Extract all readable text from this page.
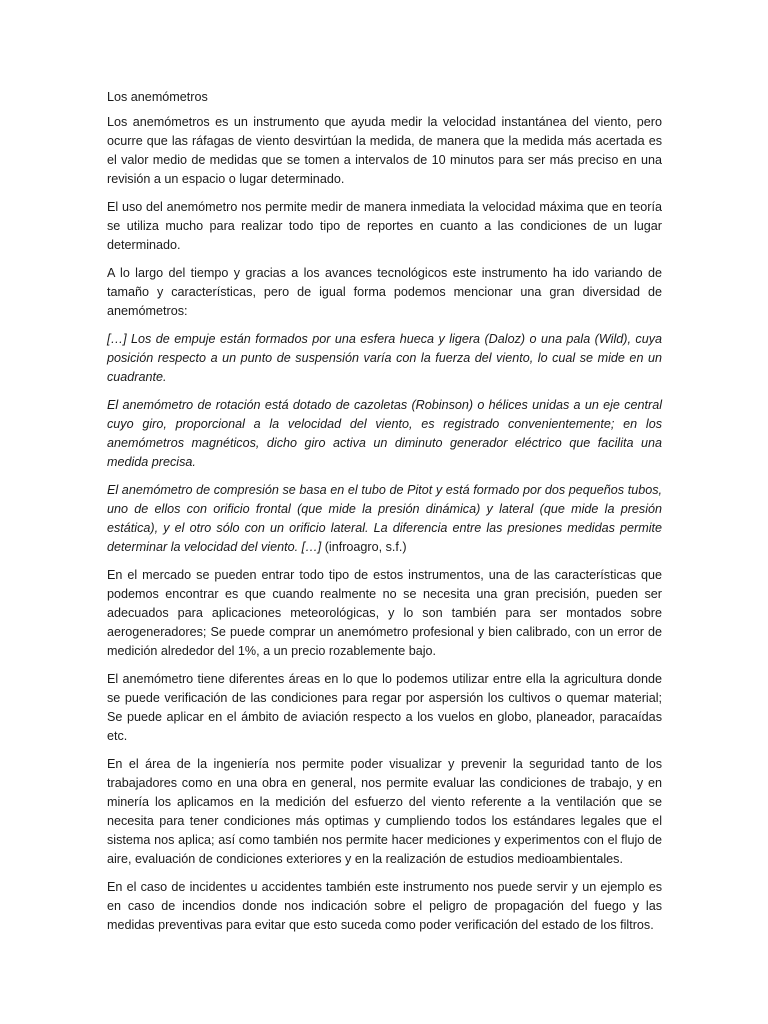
Los anemómetros

Los anemómetros es un instrumento que ayuda medir la velocidad instantánea del viento, pero ocurre que las ráfagas de viento desvirtúan la medida, de manera que la medida más acertada es el valor medio de medidas que se tomen a intervalos de 10 minutos para ser más preciso en una revisión a un espacio o lugar determinado.

El uso del anemómetro nos permite medir de manera inmediata la velocidad máxima que en teoría se utiliza mucho para realizar todo tipo de reportes en cuanto a las condiciones de un lugar determinado.

A lo largo del tiempo y gracias a los avances tecnológicos este instrumento ha ido variando de tamaño y características, pero de igual forma podemos mencionar una gran diversidad de anemómetros:

[…] Los de empuje están formados por una esfera hueca y ligera (Daloz) o una pala (Wild), cuya posición respecto a un punto de suspensión varía con la fuerza del viento, lo cual se mide en un cuadrante.

El anemómetro de rotación está dotado de cazoletas (Robinson) o hélices unidas a un eje central cuyo giro, proporcional a la velocidad del viento, es registrado convenientemente; en los anemómetros magnéticos, dicho giro activa un diminuto generador eléctrico que facilita una medida precisa.

El anemómetro de compresión se basa en el tubo de Pitot y está formado por dos pequeños tubos, uno de ellos con orificio frontal (que mide la presión dinámica) y lateral (que mide la presión estática), y el otro sólo con un orificio lateral. La diferencia entre las presiones medidas permite determinar la velocidad del viento. […] (infroagro, s.f.)

En el mercado se pueden entrar todo tipo de estos instrumentos, una de las características que podemos encontrar es que cuando realmente no se necesita una gran precisión, pueden ser adecuados para aplicaciones meteorológicas, y lo son también para ser montados sobre aerogeneradores; Se puede comprar un anemómetro profesional y bien calibrado, con un error de medición alrededor del 1%, a un precio rozablemente bajo.

El anemómetro tiene diferentes áreas en lo que lo podemos utilizar entre ella la agricultura donde se puede verificación de las condiciones para regar por aspersión los cultivos o quemar material; Se puede aplicar en el ámbito de aviación respecto a los vuelos en globo, planeador, paracaídas etc.

En el área de la ingeniería nos permite poder visualizar y prevenir la seguridad tanto de los trabajadores como en una obra en general, nos permite evaluar las condiciones de trabajo, y en minería los aplicamos en la medición del esfuerzo del viento referente a la ventilación que se necesita para tener condiciones más optimas y cumpliendo todos los estándares legales que el sistema nos aplica; así como también nos permite hacer mediciones y experimentos con el flujo de aire, evaluación de condiciones exteriores y en la realización de estudios medioambientales.

En el caso de incidentes u accidentes también este instrumento nos puede servir y un ejemplo es en caso de incendios donde nos indicación sobre el peligro de propagación del fuego y las medidas preventivas para evitar que esto suceda como poder verificación del estado de los filtros.
